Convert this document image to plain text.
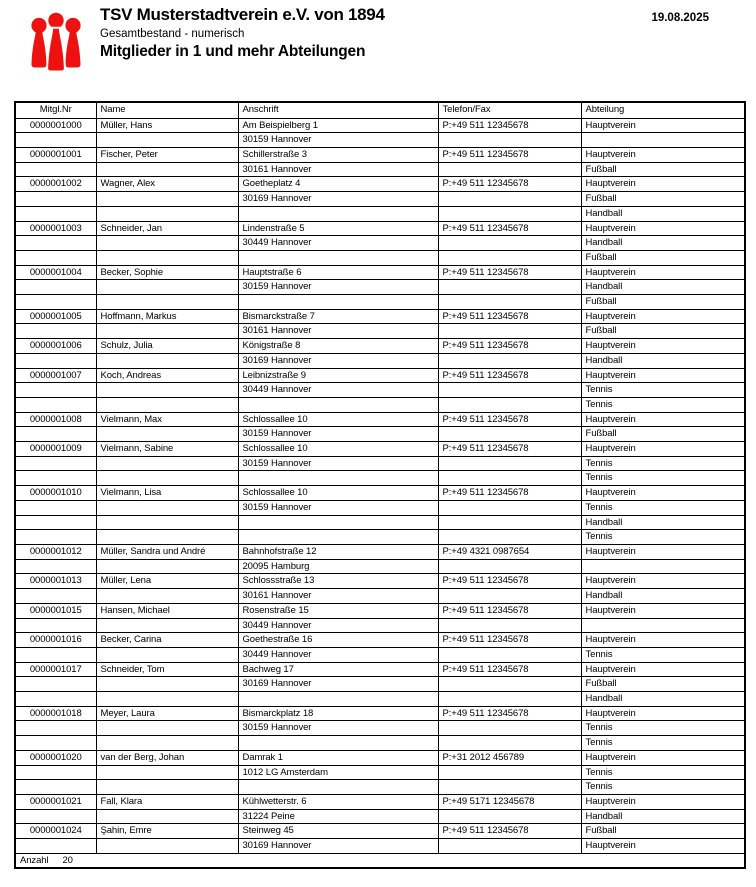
TSV Musterstadtverein e.V. von 1894
Gesamtbestand - numerisch
Mitglieder in 1 und mehr Abteilungen
19.08.2025
Mitgl.Nr	Name	Anschrift	Telefon/Fax	Abteilung
0000001000	Müller, Hans	Am Beispielberg 1	P:+49 511 12345678	Hauptverein
		30159 Hannover		
0000001001	Fischer, Peter	Schillerstraße 3	P:+49 511 12345678	Hauptverein
		30161 Hannover		Fußball
0000001002	Wagner, Alex	Goetheplatz 4	P:+49 511 12345678	Hauptverein
		30169 Hannover		Fußball
				Handball
0000001003	Schneider, Jan	Lindenstraße 5	P:+49 511 12345678	Hauptverein
		30449 Hannover		Handball
				Fußball
0000001004	Becker, Sophie	Hauptstraße 6	P:+49 511 12345678	Hauptverein
		30159 Hannover		Handball
				Fußball
0000001005	Hoffmann, Markus	Bismarckstraße 7	P:+49 511 12345678	Hauptverein
		30161 Hannover		Fußball
0000001006	Schulz, Julia	Königstraße 8	P:+49 511 12345678	Hauptverein
		30169 Hannover		Handball
0000001007	Koch, Andreas	Leibnizstraße 9	P:+49 511 12345678	Hauptverein
		30449 Hannover		Tennis
				Tennis
0000001008	Vielmann, Max	Schlossallee 10	P:+49 511 12345678	Hauptverein
		30159 Hannover		Fußball
0000001009	Vielmann, Sabine	Schlossallee 10	P:+49 511 12345678	Hauptverein
		30159 Hannover		Tennis
				Tennis
0000001010	Vielmann, Lisa	Schlossallee 10	P:+49 511 12345678	Hauptverein
		30159 Hannover		Tennis
				Handball
				Tennis
0000001012	Müller, Sandra und André	Bahnhofstraße 12	P:+49 4321 0987654	Hauptverein
		20095 Hamburg		
0000001013	Müller, Lena	Schlossstraße 13	P:+49 511 12345678	Hauptverein
		30161 Hannover		Handball
0000001015	Hansen, Michael	Rosenstraße 15	P:+49 511 12345678	Hauptverein
		30449 Hannover		
0000001016	Becker, Carina	Goethestraße 16	P:+49 511 12345678	Hauptverein
		30449 Hannover		Tennis
0000001017	Schneider, Tom	Bachweg 17	P:+49 511 12345678	Hauptverein
		30169 Hannover		Fußball
				Handball
0000001018	Meyer, Laura	Bismarckplatz 18	P:+49 511 12345678	Hauptverein
		30159 Hannover		Tennis
				Tennis
0000001020	van der Berg, Johan	Damrak 1	P:+31 2012 456789	Hauptverein
		1012 LG Amsterdam		Tennis
				Tennis
0000001021	Fall, Klara	Kühlwetterstr. 6	P:+49 5171 12345678	Hauptverein
		31224 Peine		Handball
0000001024	Şahin, Emre	Steinweg 45	P:+49 511 12345678	Fußball
		30169 Hannover		Hauptverein
Anzahl 20				
